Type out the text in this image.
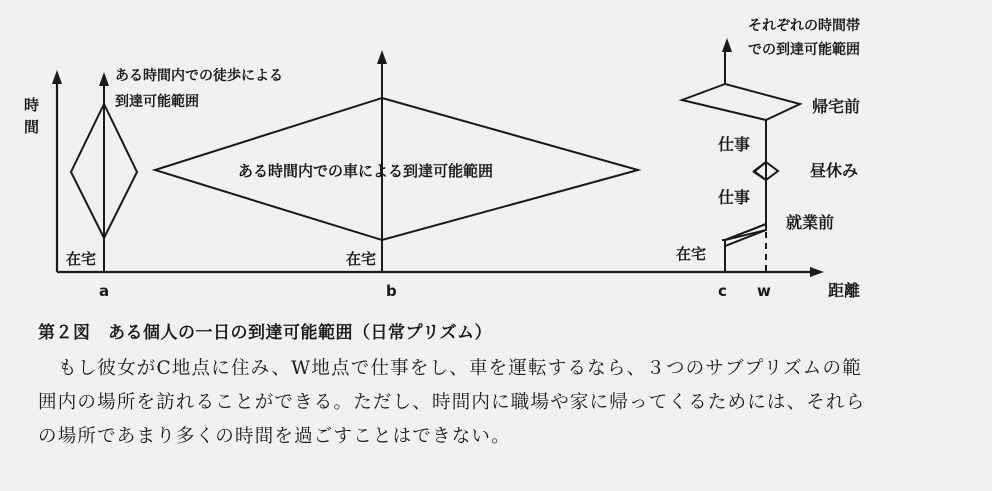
時
間
ある時間内での徒歩による
到達可能範囲
在宅
ある時間内での車による到達可能範囲
在宅
それぞれの時間帯
での到達可能範囲
帰宅前
仕事
昼休み
仕事
就業前
在宅
a	b	c w	距離
第２図　ある個人の一日の到達可能範囲（日常プリズム）
もし彼女がC地点に住み、W地点で仕事をし、車を運転するなら、３つのサブプリズムの範
囲内の場所を訪れることができる。ただし、時間内に職場や家に帰ってくるためには、それら
の場所であまり多くの時間を過ごすことはできない。
